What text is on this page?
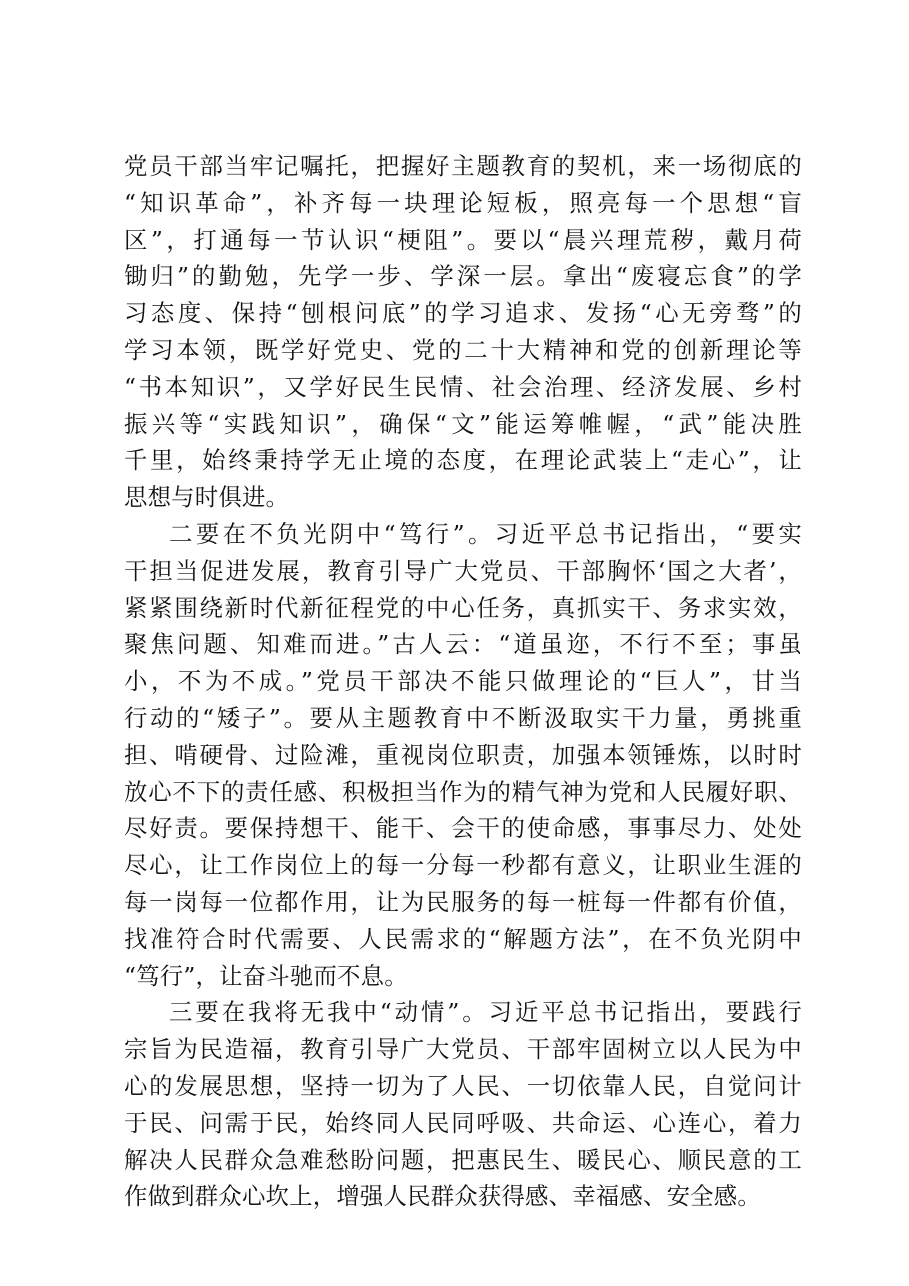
党员干部当牢记嘱托，把握好主题教育的契机，来一场彻底的
“知识革命”，补齐每一块理论短板，照亮每一个思想“盲
区”，打通每一节认识“梗阻”。要以“晨兴理荒秽，戴月荷
锄归”的勤勉，先学一步、学深一层。拿出“废寝忘食”的学
习态度、保持“刨根问底”的学习追求、发扬“心无旁骛”的
学习本领，既学好党史、党的二十大精神和党的创新理论等
“书本知识”，又学好民生民情、社会治理、经济发展、乡村
振兴等“实践知识”，确保“文”能运筹帷幄，“武”能决胜
千里，始终秉持学无止境的态度，在理论武装上“走心”，让
思想与时俱进。
二要在不负光阴中“笃行”。习近平总书记指出，“要实
干担当促进发展，教育引导广大党员、干部胸怀‘国之大者’，
紧紧围绕新时代新征程党的中心任务，真抓实干、务求实效，
聚焦问题、知难而进。”古人云：“道虽迩，不行不至；事虽
小，不为不成。”党员干部决不能只做理论的“巨人”，甘当
行动的“矮子”。要从主题教育中不断汲取实干力量，勇挑重
担、啃硬骨、过险滩，重视岗位职责，加强本领锤炼，以时时
放心不下的责任感、积极担当作为的精气神为党和人民履好职、
尽好责。要保持想干、能干、会干的使命感，事事尽力、处处
尽心，让工作岗位上的每一分每一秒都有意义，让职业生涯的
每一岗每一位都作用，让为民服务的每一桩每一件都有价值，
找准符合时代需要、人民需求的“解题方法”，在不负光阴中
“笃行”，让奋斗驰而不息。
三要在我将无我中“动情”。习近平总书记指出，要践行
宗旨为民造福，教育引导广大党员、干部牢固树立以人民为中
心的发展思想，坚持一切为了人民、一切依靠人民，自觉问计
于民、问需于民，始终同人民同呼吸、共命运、心连心，着力
解决人民群众急难愁盼问题，把惠民生、暖民心、顺民意的工
作做到群众心坎上，增强人民群众获得感、幸福感、安全感。
